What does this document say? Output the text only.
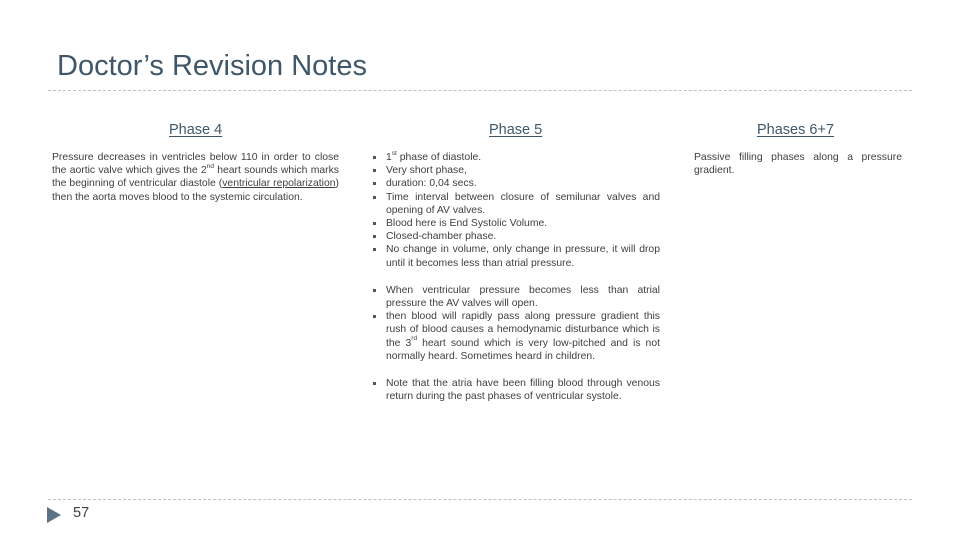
Doctor’s Revision Notes
Phase 4	Phase 5	Phases 6+7

Pressure decreases in ventricles below 110 in order to close the aortic valve which gives the 2nd heart sounds which marks the beginning of ventricular diastole (ventricular repolarization) then the aorta moves blood to the systemic circulation.

1st phase of diastole.
Very short phase,
duration: 0,04 secs.
Time interval between closure of semilunar valves and opening of AV valves.
Blood here is End Systolic Volume.
Closed-chamber phase.
No change in volume, only change in pressure, it will drop until it becomes less than atrial pressure.
When ventricular pressure becomes less than atrial pressure the AV valves will open.
then blood will rapidly pass along pressure gradient this rush of blood causes a hemodynamic disturbance which is the 3rd heart sound which is very low-pitched and is not normally heard. Sometimes heard in children.
Note that the atria have been filling blood through venous return during the past phases of ventricular systole.

Passive filling phases along a pressure gradient.

57
